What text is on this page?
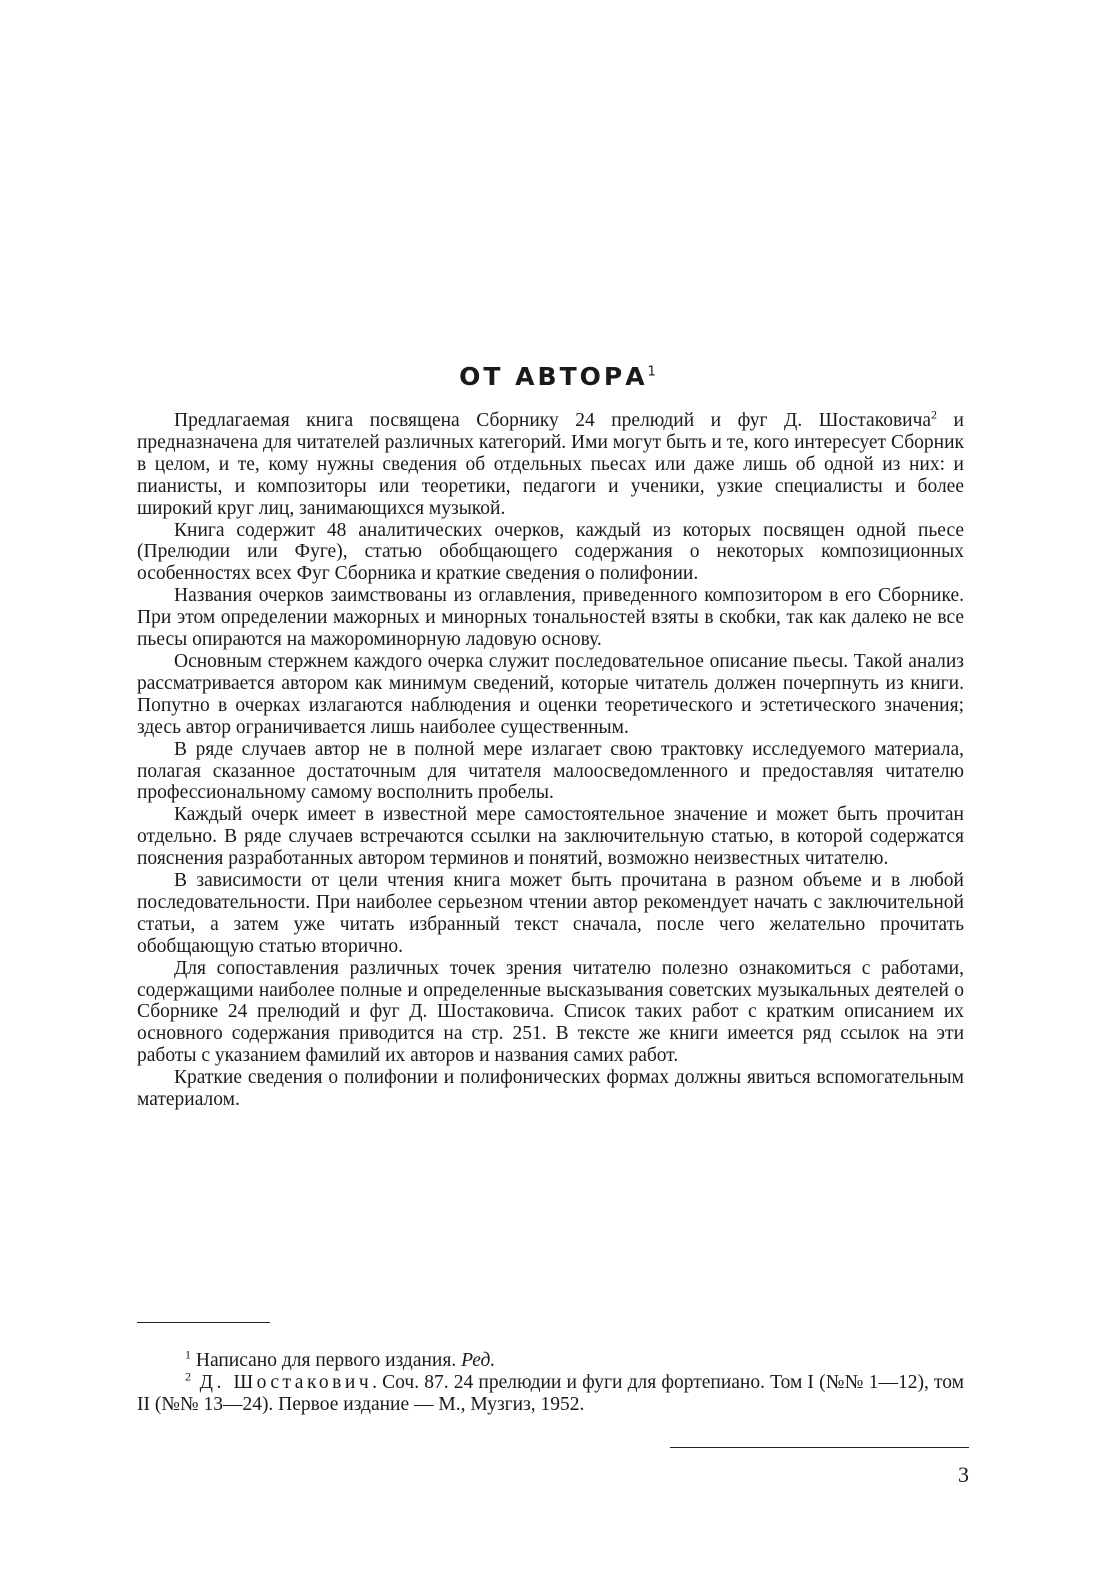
ОТ АВТОРА$^1$

Предлагаемая книга посвящена Сборнику 24 прелюдий и фуг Д. Шостаковича$^2$ и предназначена для читателей различных категорий. Ими могут быть и те, кого интересует Сборник в целом, и те, кому нужны сведения об отдельных пьесах или даже лишь об одной из них: и пианисты, и композиторы или теоретики, педагоги и ученики, узкие специалисты и более широкий круг лиц, занимающихся музыкой.

Книга содержит 48 аналитических очерков, каждый из которых посвящен одной пьесе (Прелюдии или Фуге), статью обобщающего содержания о некоторых композиционных особенностях всех Фуг Сборника и краткие сведения о полифонии.

Названия очерков заимствованы из оглавления, приведенного композитором в его Сборнике. При этом определении мажорных и минорных тональностей взяты в скобки, так как далеко не все пьесы опираются на мажороминорную ладовую основу.

Основным стержнем каждого очерка служит последовательное описание пьесы. Такой анализ рассматривается автором как минимум сведений, которые читатель должен почерпнуть из книги. Попутно в очерках излагаются наблюдения и оценки теоретического и эстетического значения; здесь автор ограничивается лишь наиболее существенным.

В ряде случаев автор не в полной мере излагает свою трактовку исследуемого материала, полагая сказанное достаточным для читателя малоосведомленного и предоставляя читателю профессиональному самому восполнить пробелы.

Каждый очерк имеет в известной мере самостоятельное значение и может быть прочитан отдельно. В ряде случаев встречаются ссылки на заключительную статью, в которой содержатся пояснения разработанных автором терминов и понятий, возможно неизвестных читателю.

В зависимости от цели чтения книга может быть прочитана в разном объеме и в любой последовательности. При наиболее серьезном чтении автор рекомендует начать с заключительной статьи, а затем уже читать избранный текст сначала, после чего желательно прочитать обобщающую статью вторично.

Для сопоставления различных точек зрения читателю полезно ознакомиться с работами, содержащими наиболее полные и определенные высказывания советских музыкальных деятелей о Сборнике 24 прелюдий и фуг Д. Шостаковича. Список таких работ с кратким описанием их основного содержания приводится на стр. 251. В тексте же книги имеется ряд ссылок на эти работы с указанием фамилий их авторов и названия самих работ.

Краткие сведения о полифонии и полифонических формах должны явиться вспомогательным материалом.

$^1$ Написано для первого издания. Ред.

$^2$ Д. Шостакович. Соч. 87. 24 прелюдии и фуги для фортепиано. Том I (№№ 1—12), том II (№№ 13—24). Первое издание — М., Музгиз, 1952.

3
